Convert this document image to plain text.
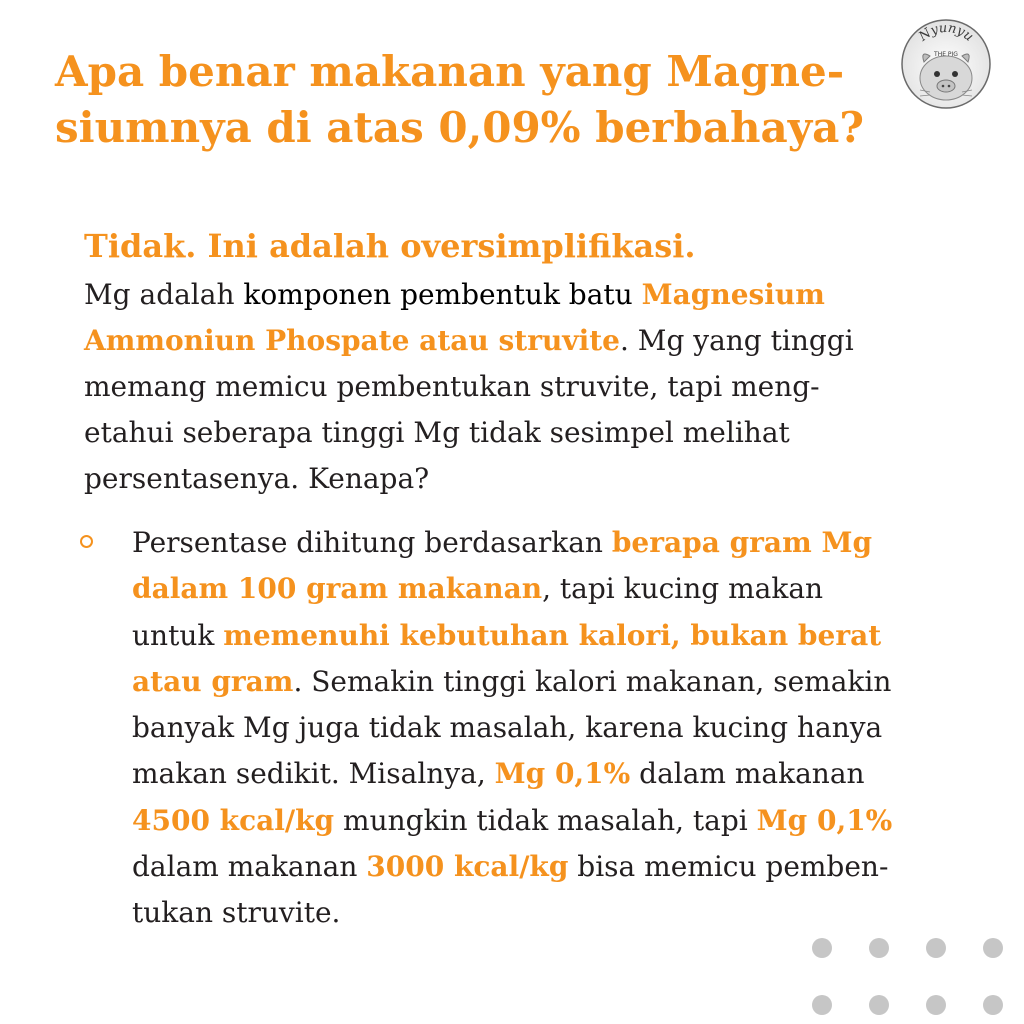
Apa benar makanan yang Magne-
siumnya di atas 0,09% berbahaya?
Nyunyu
THE PIG
Tidak. Ini adalah oversimplifikasi.
Mg adalah komponen pembentuk batu Magnesium
Ammoniun Phospate atau struvite. Mg yang tinggi
memang memicu pembentukan struvite, tapi meng-
etahui seberapa tinggi Mg tidak sesimpel melihat
persentasenya. Kenapa?
Persentase dihitung berdasarkan berapa gram Mg
dalam 100 gram makanan, tapi kucing makan
untuk memenuhi kebutuhan kalori, bukan berat
atau gram. Semakin tinggi kalori makanan, semakin
banyak Mg juga tidak masalah, karena kucing hanya
makan sedikit. Misalnya, Mg 0,1% dalam makanan
4500 kcal/kg mungkin tidak masalah, tapi Mg 0,1%
dalam makanan 3000 kcal/kg bisa memicu pemben-
tukan struvite.
